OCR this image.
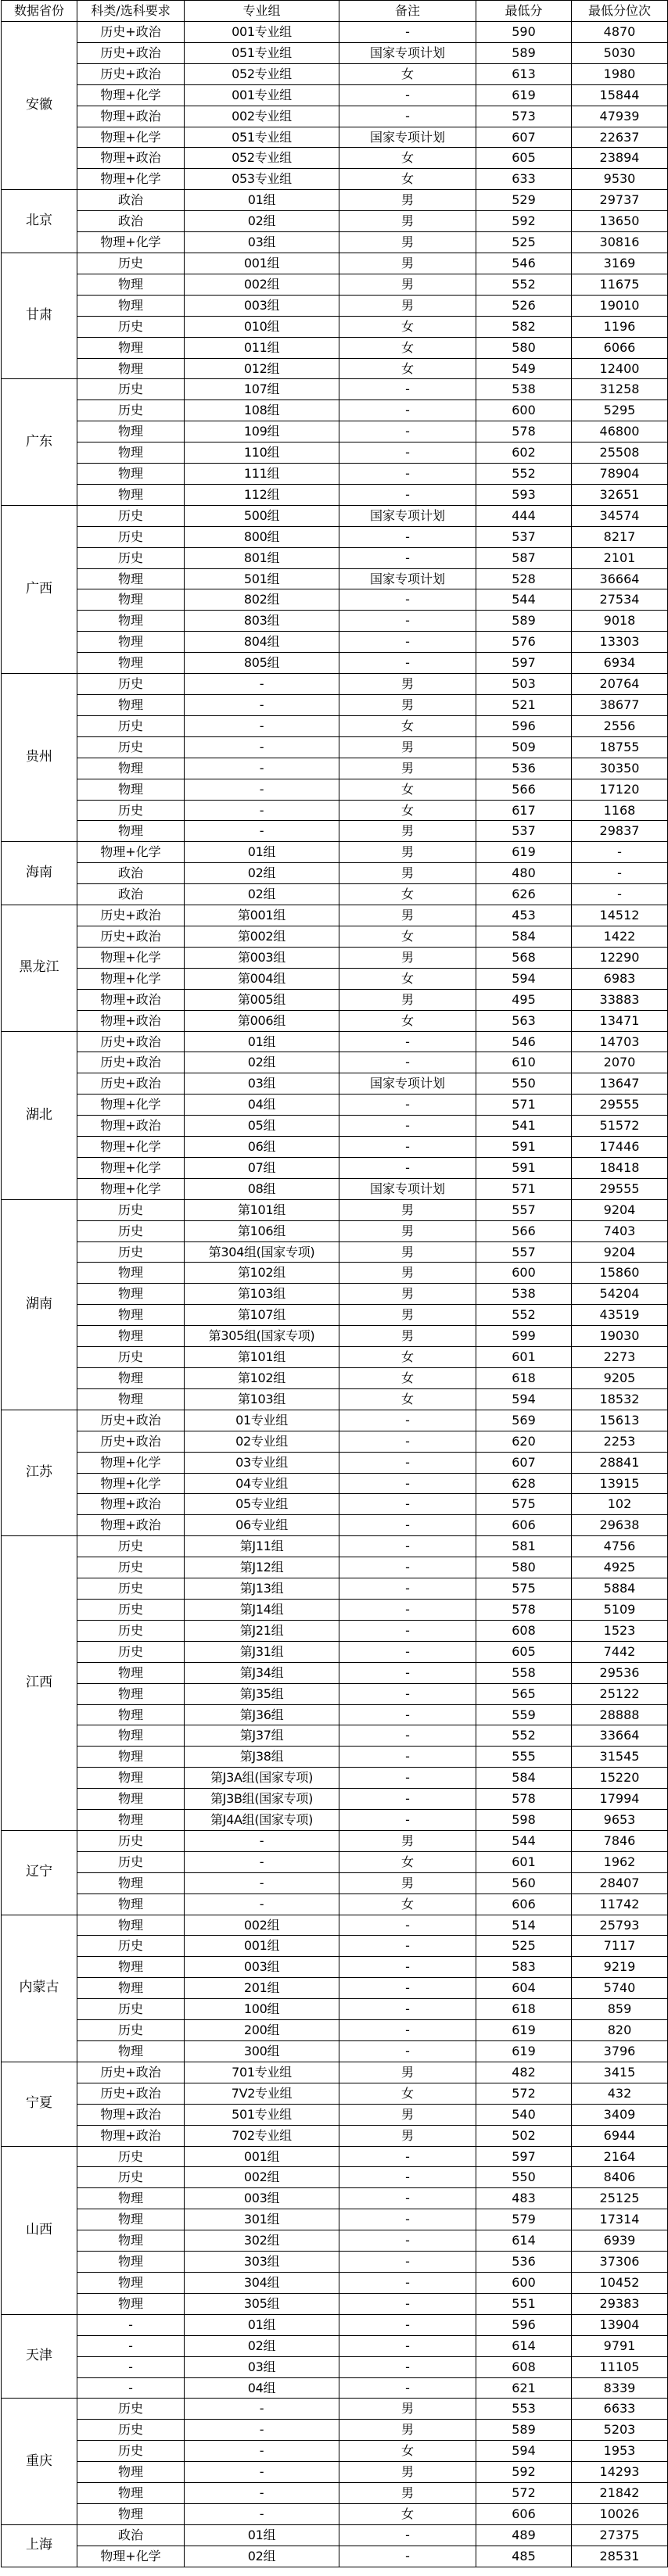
数据省份	科类/选科要求	专业组	备注	最低分	最低分位次
安徽	历史+政治	001专业组	-	590	4870
	历史+政治	051专业组	国家专项计划	589	5030
	历史+政治	052专业组	女	613	1980
	物理+化学	001专业组	-	619	15844
	物理+政治	002专业组	-	573	47939
	物理+化学	051专业组	国家专项计划	607	22637
	物理+政治	052专业组	女	605	23894
	物理+化学	053专业组	女	633	9530
北京	政治	01组	男	529	29737
	政治	02组	男	592	13650
	物理+化学	03组	男	525	30816
甘肃	历史	001组	男	546	3169
	物理	002组	男	552	11675
	物理	003组	男	526	19010
	历史	010组	女	582	1196
	物理	011组	女	580	6066
	物理	012组	女	549	12400
广东	历史	107组	-	538	31258
	历史	108组	-	600	5295
	物理	109组	-	578	46800
	物理	110组	-	602	25508
	物理	111组	-	552	78904
	物理	112组	-	593	32651
广西	历史	500组	国家专项计划	444	34574
	历史	800组	-	537	8217
	历史	801组	-	587	2101
	物理	501组	国家专项计划	528	36664
	物理	802组	-	544	27534
	物理	803组	-	589	9018
	物理	804组	-	576	13303
	物理	805组	-	597	6934
贵州	历史	-	男	503	20764
	物理	-	男	521	38677
	历史	-	女	596	2556
	历史	-	男	509	18755
	物理	-	男	536	30350
	物理	-	女	566	17120
	历史	-	女	617	1168
	物理	-	男	537	29837
海南	物理+化学	01组	男	619	-
	政治	02组	男	480	-
	政治	02组	女	626	-
黑龙江	历史+政治	第001组	男	453	14512
	历史+政治	第002组	女	584	1422
	物理+化学	第003组	男	568	12290
	物理+化学	第004组	女	594	6983
	物理+政治	第005组	男	495	33883
	物理+政治	第006组	女	563	13471
湖北	历史+政治	01组	-	546	14703
	历史+政治	02组	-	610	2070
	历史+政治	03组	国家专项计划	550	13647
	物理+化学	04组	-	571	29555
	物理+政治	05组	-	541	51572
	物理+化学	06组	-	591	17446
	物理+化学	07组	-	591	18418
	物理+化学	08组	国家专项计划	571	29555
湖南	历史	第101组	男	557	9204
	历史	第106组	男	566	7403
	历史	第304组(国家专项)	男	557	9204
	物理	第102组	男	600	15860
	物理	第103组	男	538	54204
	物理	第107组	男	552	43519
	物理	第305组(国家专项)	男	599	19030
	历史	第101组	女	601	2273
	物理	第102组	女	618	9205
	物理	第103组	女	594	18532
江苏	历史+政治	01专业组	-	569	15613
	历史+政治	02专业组	-	620	2253
	物理+化学	03专业组	-	607	28841
	物理+化学	04专业组	-	628	13915
	物理+政治	05专业组	-	575	102
	物理+政治	06专业组	-	606	29638
江西	历史	第J11组	-	581	4756
	历史	第J12组	-	580	4925
	历史	第J13组	-	575	5884
	历史	第J14组	-	578	5109
	历史	第J21组	-	608	1523
	历史	第J31组	-	605	7442
	物理	第J34组	-	558	29536
	物理	第J35组	-	565	25122
	物理	第J36组	-	559	28888
	物理	第J37组	-	552	33664
	物理	第J38组	-	555	31545
	物理	第J3A组(国家专项)	-	584	15220
	物理	第J3B组(国家专项)	-	578	17994
	物理	第J4A组(国家专项)	-	598	9653
辽宁	历史	-	男	544	7846
	历史	-	女	601	1962
	物理	-	男	560	28407
	物理	-	女	606	11742
内蒙古	物理	002组	-	514	25793
	历史	001组	-	525	7117
	物理	003组	-	583	9219
	物理	201组	-	604	5740
	历史	100组	-	618	859
	历史	200组	-	619	820
	物理	300组	-	619	3796
宁夏	历史+政治	701专业组	男	482	3415
	历史+政治	7V2专业组	女	572	432
	物理+政治	501专业组	男	540	3409
	物理+政治	702专业组	男	502	6944
山西	历史	001组	-	597	2164
	历史	002组	-	550	8406
	物理	003组	-	483	25125
	物理	301组	-	579	17314
	物理	302组	-	614	6939
	物理	303组	-	536	37306
	物理	304组	-	600	10452
	物理	305组	-	551	29383
天津	-	01组	-	596	13904
	-	02组	-	614	9791
	-	03组	-	608	11105
	-	04组	-	621	8339
重庆	历史	-	男	553	6633
	历史	-	男	589	5203
	历史	-	女	594	1953
	物理	-	男	592	14293
	物理	-	男	572	21842
	物理	-	女	606	10026
上海	政治	01组	-	489	27375
	物理+化学	02组	-	485	28531
